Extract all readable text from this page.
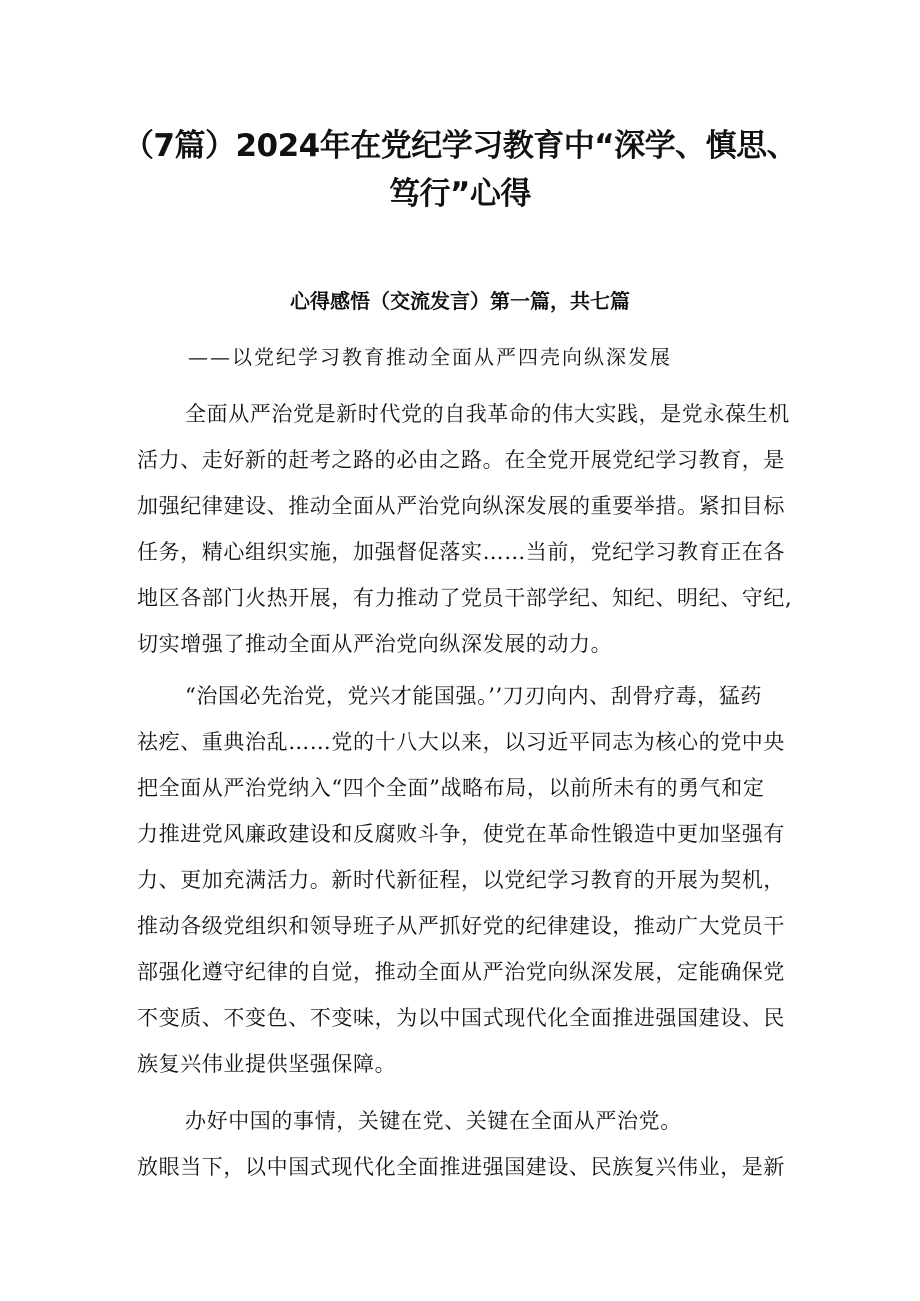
（7篇）2024年在党纪学习教育中“深学、慎思、
笃行”心得
心得感悟（交流发言）第一篇，共七篇
——以党纪学习教育推动全面从严四壳向纵深发展
全面从严治党是新时代党的自我革命的伟大实践，是党永葆生机
活力、走好新的赶考之路的必由之路。在全党开展党纪学习教育，是
加强纪律建设、推动全面从严治党向纵深发展的重要举措。紧扣目标
任务，精心组织实施，加强督促落实……当前，党纪学习教育正在各
地区各部门火热开展，有力推动了党员干部学纪、知纪、明纪、守纪,
切实增强了推动全面从严治党向纵深发展的动力。
“治国必先治党，党兴才能国强。’’刀刃向内、刮骨疗毒，猛药
祛疙、重典治乱……党的十八大以来，以习近平同志为核心的党中央
把全面从严治党纳入“四个全面”战略布局，以前所未有的勇气和定
力推进党风廉政建设和反腐败斗争，使党在革命性锻造中更加坚强有
力、更加充满活力。新时代新征程，以党纪学习教育的开展为契机，
推动各级党组织和领导班子从严抓好党的纪律建设，推动广大党员干
部强化遵守纪律的自觉，推动全面从严治党向纵深发展，定能确保党
不变质、不变色、不变味，为以中国式现代化全面推进强国建设、民
族复兴伟业提供坚强保障。
办好中国的事情，关键在党、关键在全面从严治党。
放眼当下，以中国式现代化全面推进强国建设、民族复兴伟业，是新
